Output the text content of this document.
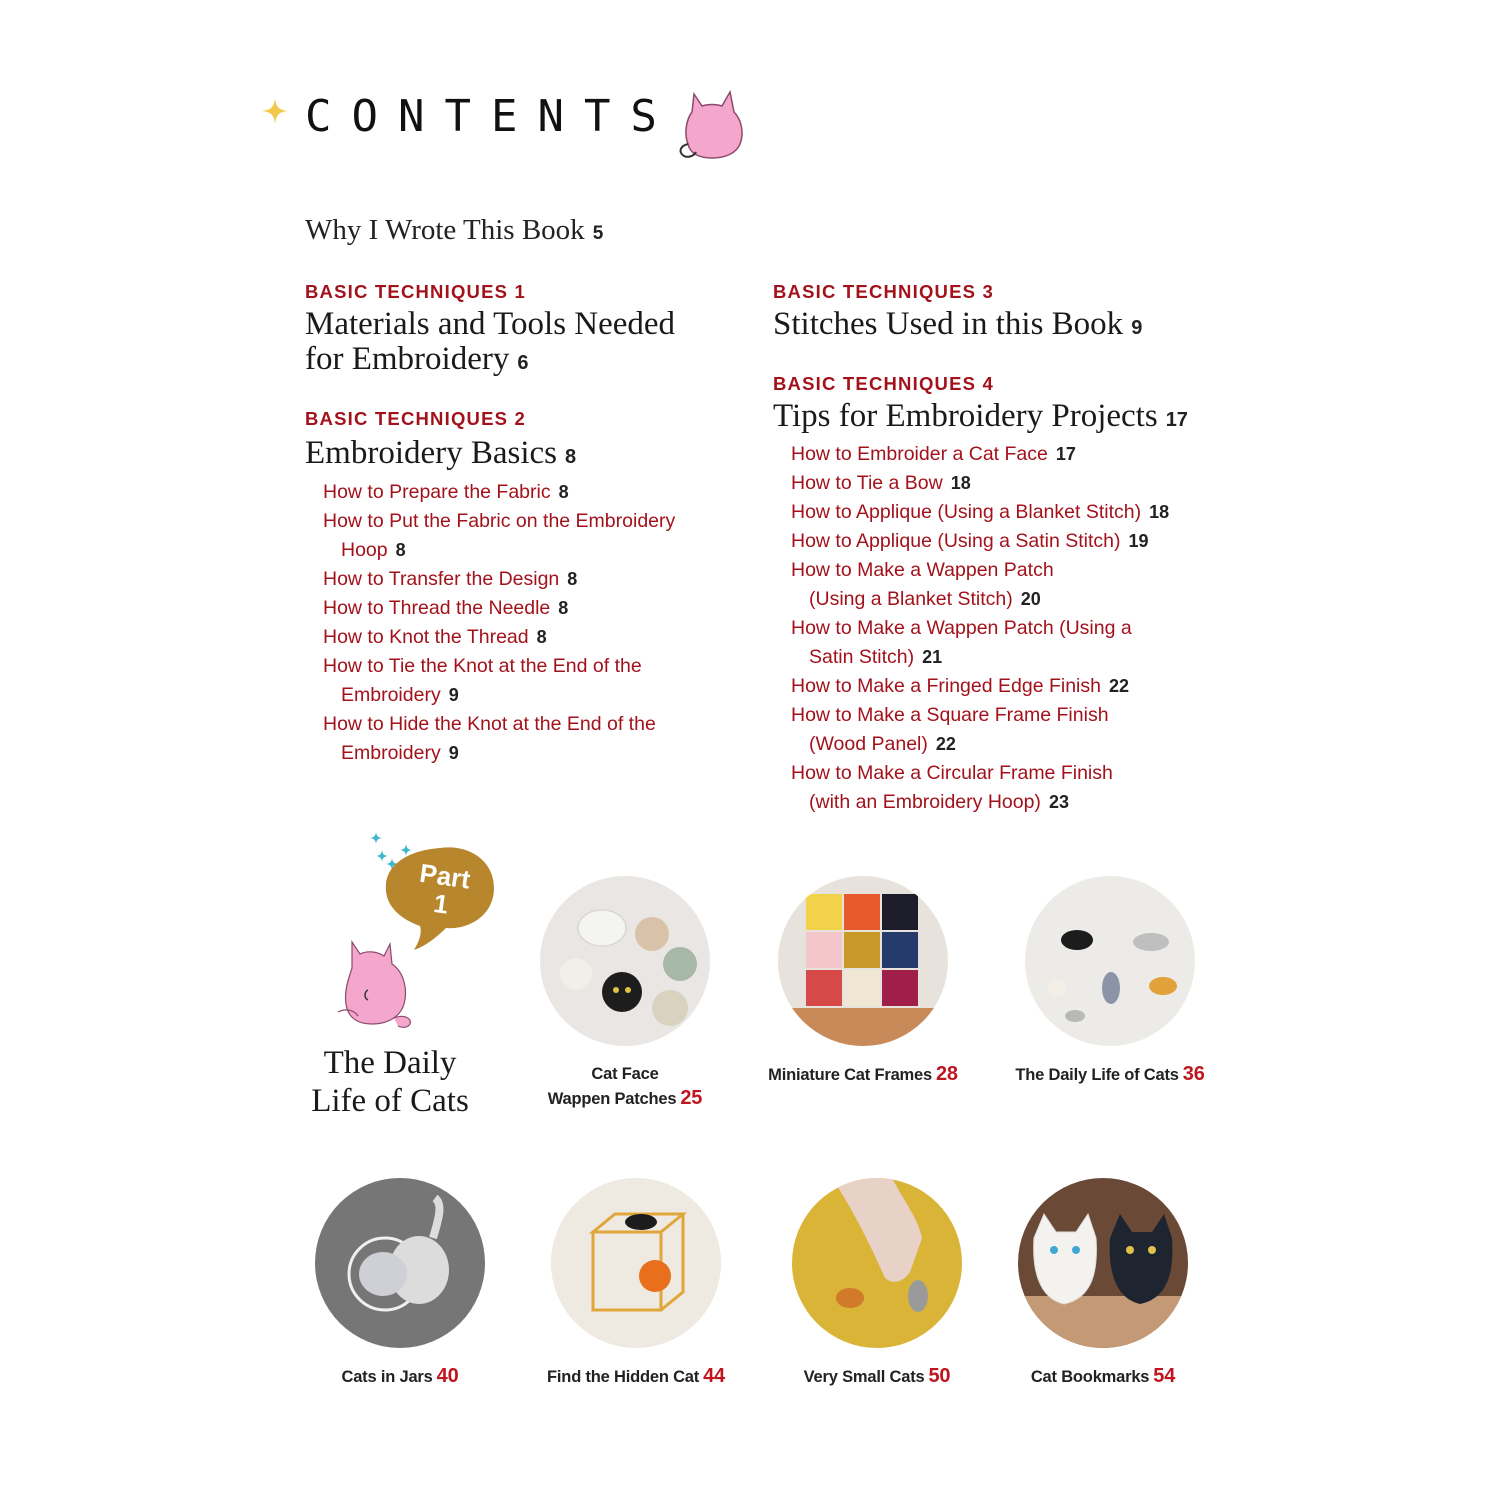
CONTENTS
Why I Wrote This Book 5
BASIC TECHNIQUES 1
Materials and Tools Needed
for Embroidery 6
BASIC TECHNIQUES 2
Embroidery Basics 8
How to Prepare the Fabric 8
How to Put the Fabric on the Embroidery Hoop 8
How to Transfer the Design 8
How to Thread the Needle 8
How to Knot the Thread 8
How to Tie the Knot at the End of the Embroidery 9
How to Hide the Knot at the End of the Embroidery 9
BASIC TECHNIQUES 3
Stitches Used in this Book 9
BASIC TECHNIQUES 4
Tips for Embroidery Projects 17
How to Embroider a Cat Face 17
How to Tie a Bow 18
How to Applique (Using a Blanket Stitch) 18
How to Applique (Using a Satin Stitch) 19
How to Make a Wappen Patch (Using a Blanket Stitch) 20
How to Make a Wappen Patch (Using a Satin Stitch) 21
How to Make a Fringed Edge Finish 22
How to Make a Square Frame Finish (Wood Panel) 22
How to Make a Circular Frame Finish (with an Embroidery Hoop) 23
Part
1
The Daily
Life of Cats
Cat Face
Wappen Patches 25
Miniature Cat Frames 28	The Daily Life of Cats 36
Cats in Jars 40	Find the Hidden Cat 44	Very Small Cats 50	Cat Bookmarks 54
